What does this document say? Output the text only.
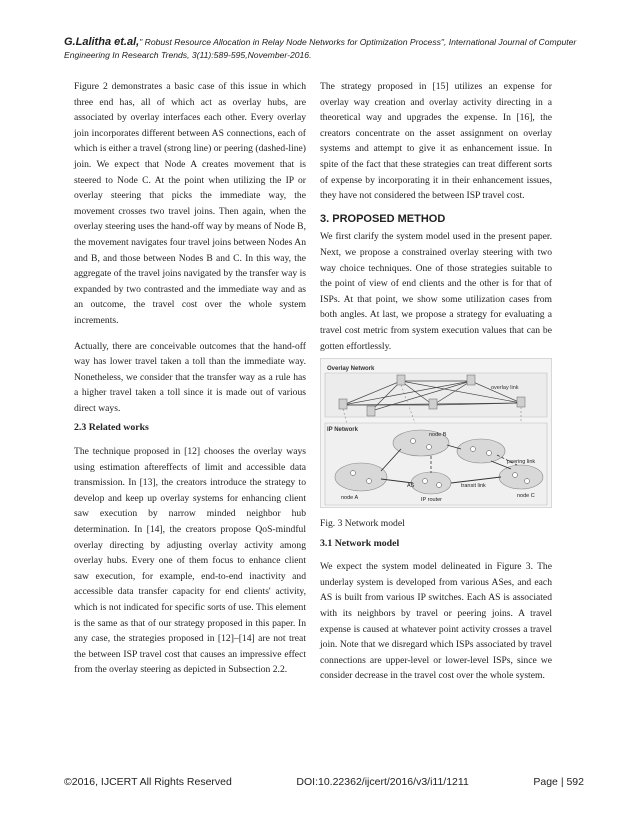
G.Lalitha et.al," Robust Resource Allocation in Relay Node Networks for Optimization Process", International Journal of Computer Engineering In Research Trends, 3(11):589-595,November-2016.

Figure 2 demonstrates a basic case of this issue in which three end has, all of which act as overlay hubs, are associated by overlay interfaces each other. Every overlay join incorporates different between AS connections, each of which is either a travel (strong line) or peering (dashed-line) join. We expect that Node A creates movement that is steered to Node C. At the point when utilizing the IP or overlay steering that picks the immediate way, the movement crosses two travel joins. Then again, when the overlay steering uses the hand-off way by means of Node B, the movement navigates four travel joins between Nodes An and B, and those between Nodes B and C. In this way, the aggregate of the travel joins navigated by the transfer way is expanded by two contrasted and the immediate way and as an outcome, the travel cost over the whole system increments.

Actually, there are conceivable outcomes that the hand-off way has lower travel taken a toll than the immediate way. Nonetheless, we consider that the transfer way as a rule has a higher travel taken a toll since it is made out of various direct ways.

2.3 Related works

The technique proposed in [12] chooses the overlay ways using estimation aftereffects of limit and accessible data transmission. In [13], the creators introduce the strategy to develop and keep up overlay systems for enhancing client saw execution by narrow minded neighbor hub determination. In [14], the creators propose QoS-mindful overlay directing by adjusting overlay activity among overlay hubs. Every one of them focus to enhance client saw execution, for example, end-to-end inactivity and accessible data transfer capacity for end clients' activity, which is not indicated for specific sorts of use. This element is the same as that of our strategy proposed in this paper. In any case, the strategies proposed in [12]–[14] are not treat the between ISP travel cost that causes an impressive effect from the overlay steering as depicted in Subsection 2.2.

The strategy proposed in [15] utilizes an expense for overlay way creation and overlay activity directing in a theoretical way and upgrades the expense. In [16], the creators concentrate on the asset assignment on overlay systems and attempt to give it as enhancement issue. In spite of the fact that these strategies can treat different sorts of expense by incorporating it in their enhancement issues, they have not considered the between ISP travel cost.

3. PROPOSED METHOD

We first clarify the system model used in the present paper. Next, we propose a constrained overlay steering with two way choice techniques. One of those strategies suitable to the point of view of end clients and the other is for that of ISPs. At that point, we show some utilization cases from both angles. At last, we propose a strategy for evaluating a travel cost metric from system execution values that can be gotten effortlessly.

Overlay Network
overlay link
IP Network
node B
peering link
node A
AS	transit link
node C
IP router
Fig. 3 Network model
3.1 Network model

We expect the system model delineated in Figure 3. The underlay system is developed from various ASes, and each AS is built from various IP switches. Each AS is associated with its neighbors by travel or peering joins. A travel expense is caused at whatever point activity crosses a travel join. Note that we disregard which ISPs associated by travel connections are upper-level or lower-level ISPs, since we consider decrease in the travel cost over the whole system.

©2016, IJCERT All Rights Reserved	DOI:10.22362/ijcert/2016/v3/i11/1211	Page | 592
